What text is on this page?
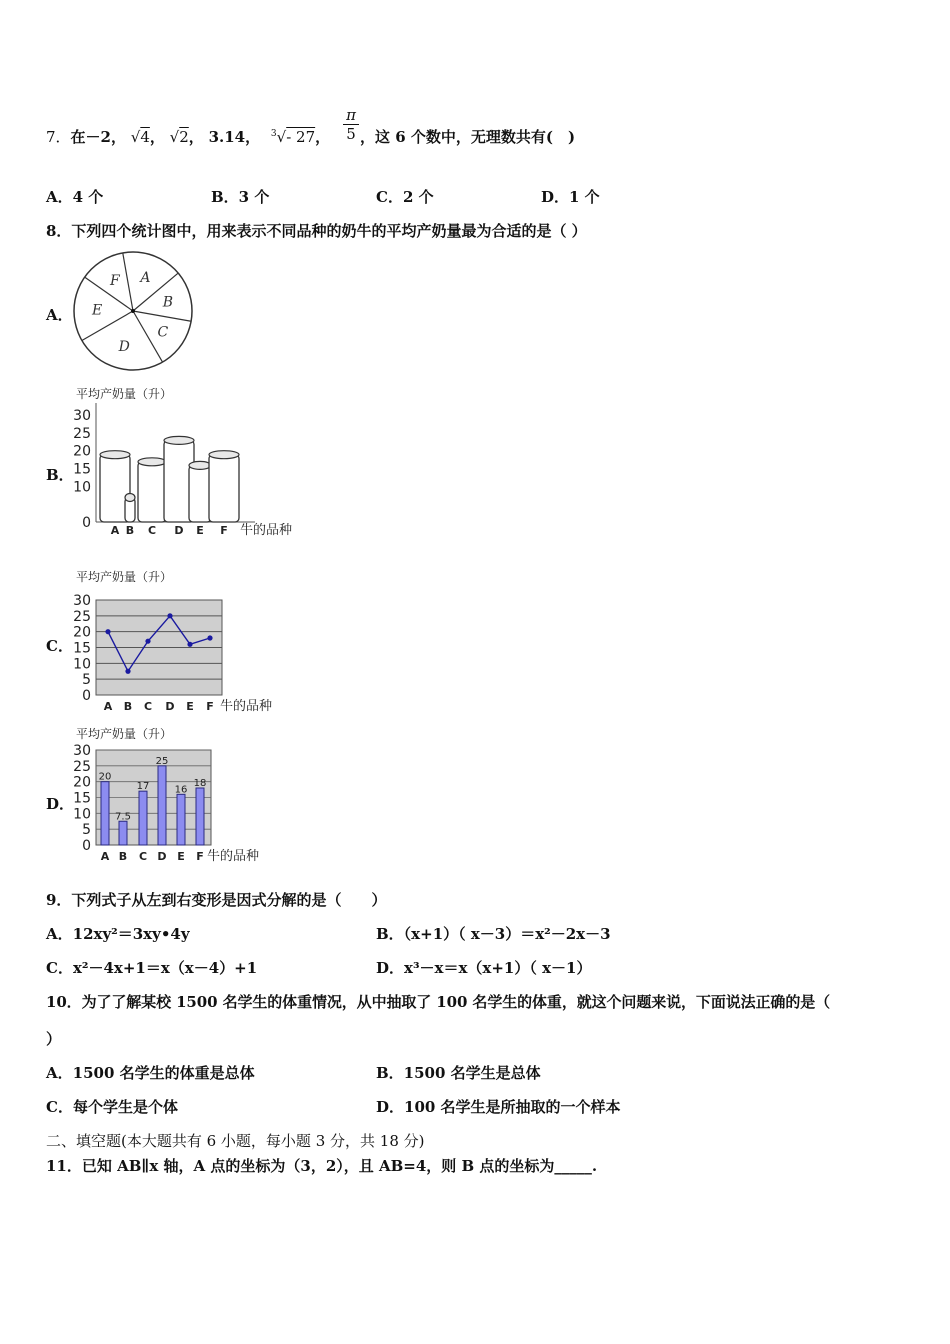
7．在－2， √4， √2， 3.14， $^3$√- 27， $\frac{\pi}{5}$ ，这 6 个数中，无理数共有(　)
A．4 个	B．3 个	C．2 个	D．1 个
8．下列四个统计图中，用来表示不同品种的奶牛的平均产奶量最为合适的是（ ）
A．
A
B
C
D
E
F
B．
平均产奶量（升）
0
10
15
20
25
30
A B C D E F 牛的品种
C．
平均产奶量（升）
0
5
10
15
20
25
30
A B C D E F 牛的品种
D．
平均产奶量（升）
0
5
10
15
20
25
30
20
A
7.5
B
17
C
25
D
16
E
18
F 牛的品种
9．下列式子从左到右变形是因式分解的是（　　）
A．12xy²＝3xy•4y	B．（x+1）（ x－3）＝x²－2x－3
C．x²－4x+1＝x（x－4）+1	D．x³－x＝x（x+1）（ x－1）
10．为了了解某校 1500 名学生的体重情况，从中抽取了 100 名学生的体重，就这个问题来说，下面说法正确的是（
）
A．1500 名学生的体重是总体	B．1500 名学生是总体
C．每个学生是个体	D．100 名学生是所抽取的一个样本
二、填空题(本大题共有 6 小题，每小题 3 分，共 18 分)
11．已知 AB∥x 轴，A 点的坐标为（3，2），且 AB=4，则 B 点的坐标为_____.
